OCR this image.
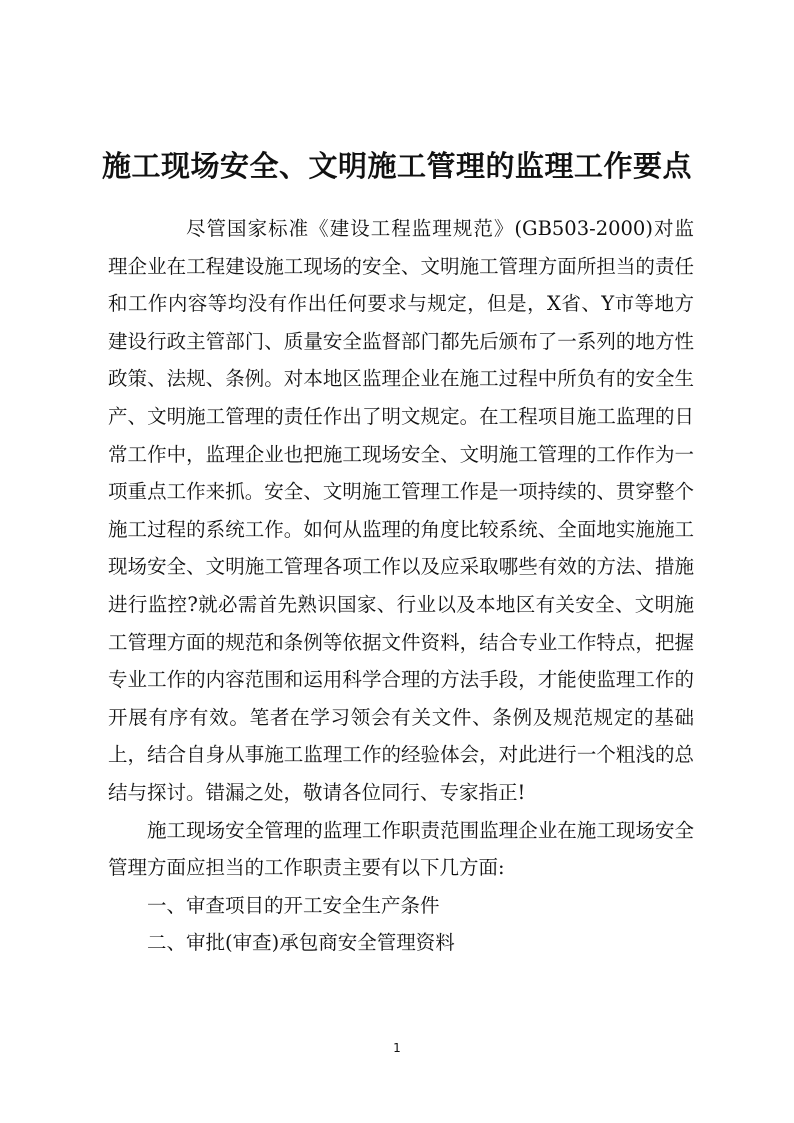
施工现场安全、文明施工管理的监理工作要点

尽管国家标准《建设工程监理规范》(GB503-2000)对监理企业在工程建设施工现场的安全、文明施工管理方面所担当的责任和工作内容等均没有作出任何要求与规定，但是，X省、Y市等地方建设行政主管部门、质量安全监督部门都先后颁布了一系列的地方性政策、法规、条例。对本地区监理企业在施工过程中所负有的安全生产、文明施工管理的责任作出了明文规定。在工程项目施工监理的日常工作中，监理企业也把施工现场安全、文明施工管理的工作作为一项重点工作来抓。安全、文明施工管理工作是一项持续的、贯穿整个施工过程的系统工作。如何从监理的角度比较系统、全面地实施施工现场安全、文明施工管理各项工作以及应采取哪些有效的方法、措施进行监控?就必需首先熟识国家、行业以及本地区有关安全、文明施工管理方面的规范和条例等依据文件资料，结合专业工作特点，把握专业工作的内容范围和运用科学合理的方法手段，才能使监理工作的开展有序有效。笔者在学习领会有关文件、条例及规范规定的基础上，结合自身从事施工监理工作的经验体会，对此进行一个粗浅的总结与探讨。错漏之处，敬请各位同行、专家指正!

施工现场安全管理的监理工作职责范围监理企业在施工现场安全管理方面应担当的工作职责主要有以下几方面:

一、审查项目的开工安全生产条件

二、审批(审查)承包商安全管理资料

1
